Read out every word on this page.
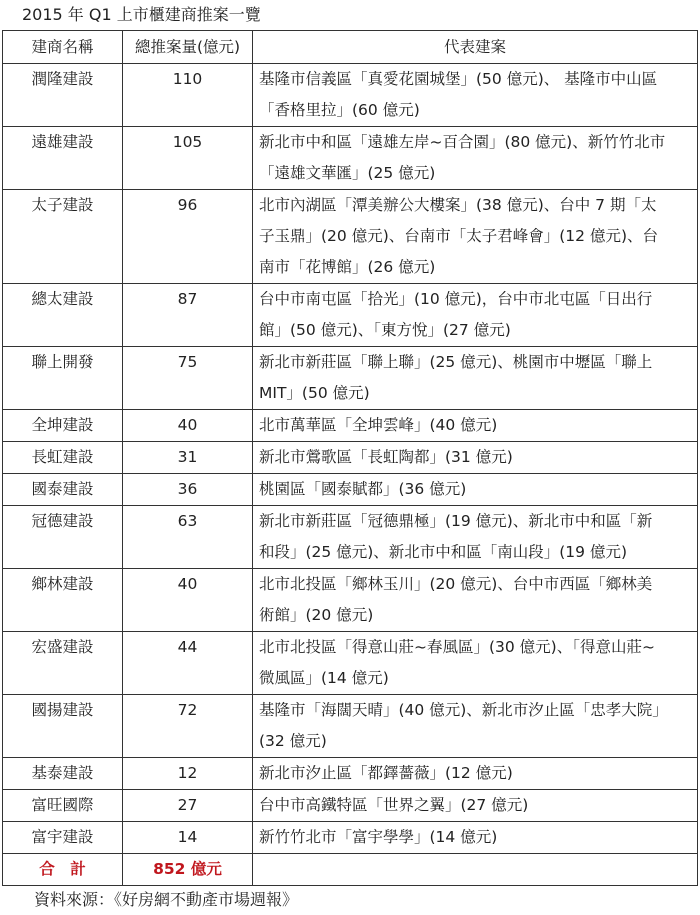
2015 年 Q1 上市櫃建商推案一覽
建商名稱	總推案量(億元)	代表建案
潤隆建設	110	基隆市信義區「真愛花園城堡」(50 億元)、 基隆市中山區
「香格里拉」(60 億元)

遠雄建設	105	新北市中和區「遠雄左岸~百合園」(80 億元)、新竹竹北市
「遠雄文華匯」(25 億元)

太子建設	96	北市內湖區「潭美辦公大樓案」(38 億元)、台中 7 期「太
子玉鼎」(20 億元)、台南市「太子君峰會」(12 億元)、台
南市「花博館」(26 億元)

總太建設	87	台中市南屯區「拾光」(10 億元)，台中市北屯區「日出行
館」(50 億元)、「東方悅」(27 億元)

聯上開發	75	新北市新莊區「聯上聯」(25 億元)、桃園市中壢區「聯上
MIT」(50 億元)

全坤建設	40	北市萬華區「全坤雲峰」(40 億元)

長虹建設	31	新北市鶯歌區「長虹陶都」(31 億元)

國泰建設	36	桃園區「國泰賦都」(36 億元)

冠德建設	63	新北市新莊區「冠德鼎極」(19 億元)、新北市中和區「新
和段」(25 億元)、新北市中和區「南山段」(19 億元)

鄉林建設	40	北市北投區「鄉林玉川」(20 億元)、台中市西區「鄉林美
術館」(20 億元)

宏盛建設	44	北市北投區「得意山莊~春風區」(30 億元)、「得意山莊~
微風區」(14 億元)

國揚建設	72	基隆市「海闊天晴」(40 億元)、新北市汐止區「忠孝大院」
(32 億元)

基泰建設	12	新北市汐止區「都鐸薔薇」(12 億元)

富旺國際	27	台中市高鐵特區「世界之翼」(27 億元)

富宇建設	14	新竹竹北市「富宇學學」(14 億元)

合　計	852 億元	
資料來源：《好房網不動產市場週報》
